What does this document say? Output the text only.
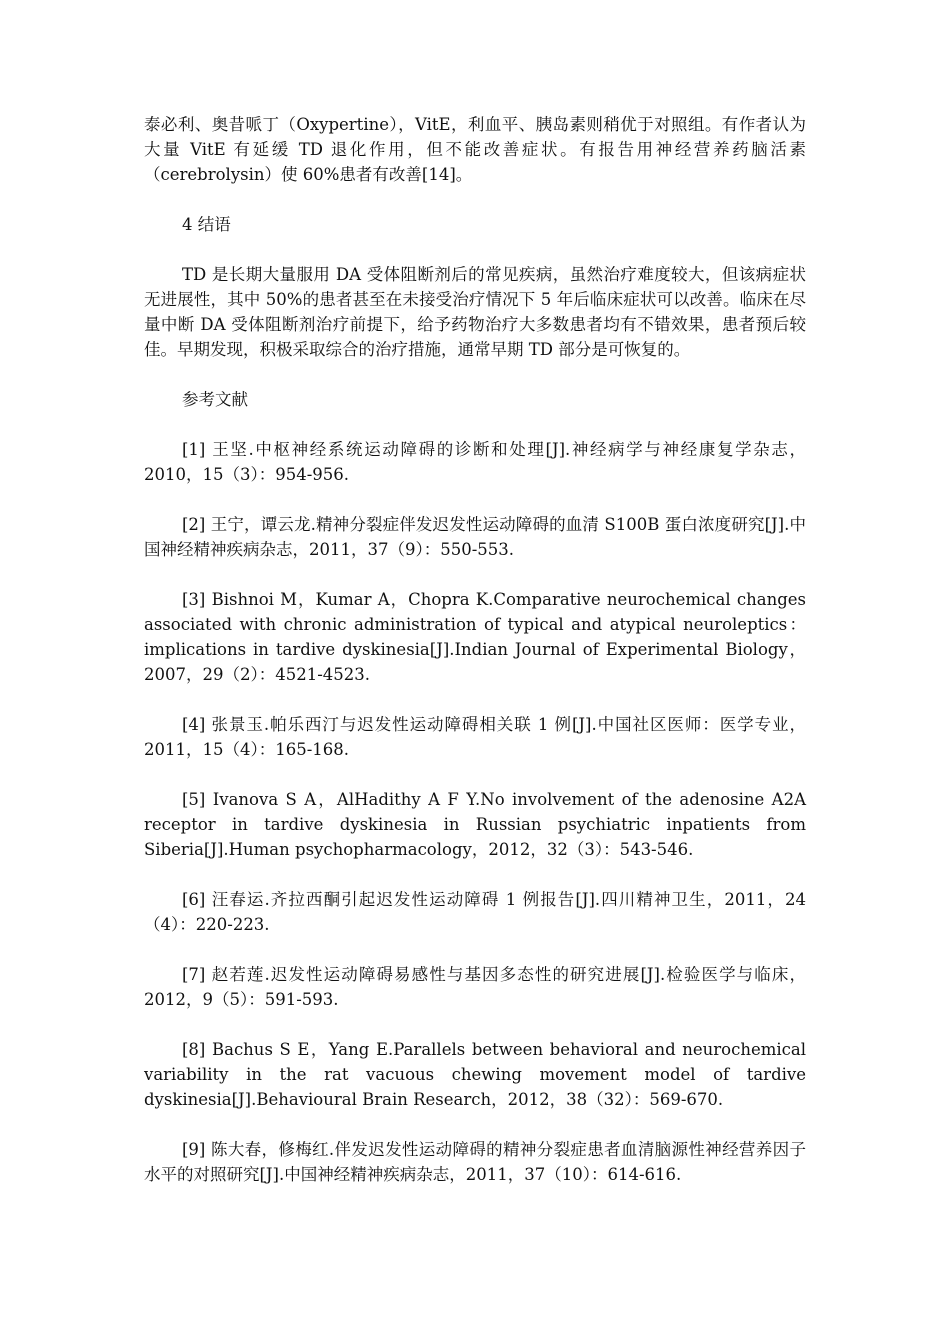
泰必利、奥昔哌丁（Oxypertine），VitE，利血平、胰岛素则稍优于对照组。有作者认为大量 VitE 有延缓 TD 退化作用，但不能改善症状。有报告用神经营养药脑活素（cerebrolysin）使 60%患者有改善[14]。

4 结语

TD 是长期大量服用 DA 受体阻断剂后的常见疾病，虽然治疗难度较大，但该病症状无进展性，其中 50%的患者甚至在未接受治疗情况下 5 年后临床症状可以改善。临床在尽量中断 DA 受体阻断剂治疗前提下，给予药物治疗大多数患者均有不错效果，患者预后较佳。早期发现，积极采取综合的治疗措施，通常早期 TD 部分是可恢复的。

参考文献

[1] 王坚.中枢神经系统运动障碍的诊断和处理[J].神经病学与神经康复学杂志，2010，15（3）：954-956.

[2] 王宁，谭云龙.精神分裂症伴发迟发性运动障碍的血清 S100B 蛋白浓度研究[J].中国神经精神疾病杂志，2011，37（9）：550-553.

[3] Bishnoi M，Kumar A，Chopra K.Comparative neurochemical changes associated with chronic administration of typical and atypical neuroleptics：implications in tardive dyskinesia[J].Indian Journal of Experimental Biology，2007，29（2）：4521-4523.

[4] 张景玉.帕乐西汀与迟发性运动障碍相关联 1 例[J].中国社区医师：医学专业，2011，15（4）：165-168.

[5] Ivanova S A，AlHadithy A F Y.No involvement of the adenosine A2A receptor in tardive dyskinesia in Russian psychiatric inpatients from Siberia[J].Human psychopharmacology，2012，32（3）：543-546.

[6] 汪春运.齐拉西酮引起迟发性运动障碍 1 例报告[J].四川精神卫生，2011，24（4）：220-223.

[7] 赵若莲.迟发性运动障碍易感性与基因多态性的研究进展[J].检验医学与临床，2012，9（5）：591-593.

[8] Bachus S E，Yang E.Parallels between behavioral and neurochemical variability in the rat vacuous chewing movement model of tardive dyskinesia[J].Behavioural Brain Research，2012，38（32）：569-670.

[9] 陈大春，修梅红.伴发迟发性运动障碍的精神分裂症患者血清脑源性神经营养因子水平的对照研究[J].中国神经精神疾病杂志，2011，37（10）：614-616.
